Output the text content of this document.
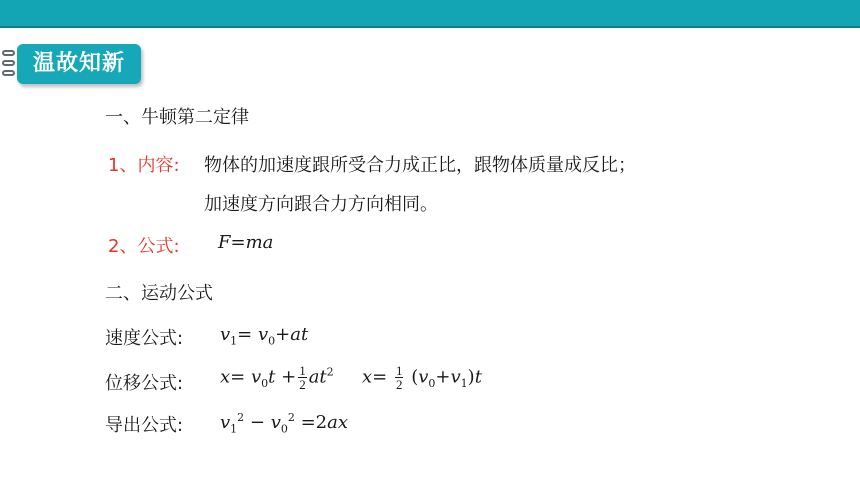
温故知新
一、牛顿第二定律
1、内容: 物体的加速度跟所受合力成正比，跟物体质量成反比；
加速度方向跟合力方向相同。
2、公式: F=ma
二、运动公式
速度公式: $v_1= v_0+at$
位移公式: $x= v_0t + \frac{1}{2} at^2$ $x= \frac{1}{2} (v_0+v_1)t$
导出公式: $v_1^2 - v_0^2 =2ax$
